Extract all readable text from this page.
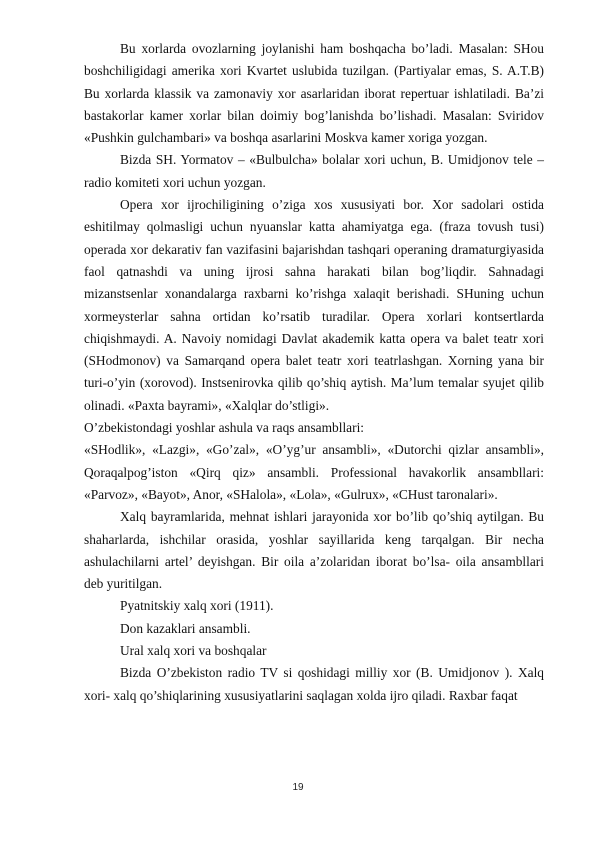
Bu xorlarda ovozlarning joylanishi ham boshqacha bo’ladi. Masalan: SHou boshchiligidagi amerika xori Kvartet uslubida tuzilgan. (Partiyalar emas, S. A.T.B) Bu xorlarda klassik va zamonaviy xor asarlaridan iborat repertuar ishlatiladi. Ba’zi bastakorlar kamer xorlar bilan doimiy bog’lanishda bo’lishadi. Masalan: Sviridov «Pushkin gulchambari» va boshqa asarlarini Moskva kamer xoriga yozgan.

Bizda SH. Yormatov – «Bulbulcha» bolalar xori uchun, B. Umidjonov tele – radio komiteti xori uchun yozgan.

Opera xor ijrochiligining o’ziga xos xususiyati bor. Xor sadolari ostida eshitilmay qolmasligi uchun nyuanslar katta ahamiyatga ega. (fraza tovush tusi) operada xor dekarativ fan vazifasini bajarishdan tashqari operaning dramaturgiyasida faol qatnashdi va uning ijrosi sahna harakati bilan bog’liqdir. Sahnadagi mizanstsenlar xonandalarga raxbarni ko’rishga xalaqit berishadi. SHuning uchun xormeysterlar sahna ortidan ko’rsatib turadilar. Opera xorlari kontsertlarda chiqishmaydi. A. Navoiy nomidagi Davlat akademik katta opera va balet teatr xori (SHodmonov) va Samarqand opera balet teatr xori teatrlashgan. Xorning yana bir turi-o’yin (xorovod). Instsenirovka qilib qo’shiq aytish. Ma’lum temalar syujet qilib olinadi. «Paxta bayrami», «Xalqlar do’stligi».

O’zbekistondagi yoshlar ashula va raqs ansambllari:

«SHodlik», «Lazgi», «Go’zal», «O’yg’ur ansambli», «Dutorchi qizlar ansambli», Qoraqalpog’iston «Qirq qiz» ansambli. Professional havakorlik ansambllari: «Parvoz», «Bayot», Anor, «SHalola», «Lola», «Gulrux», «CHust taronalari».

Xalq bayramlarida, mehnat ishlari jarayonida xor bo’lib qo’shiq aytilgan. Bu shaharlarda, ishchilar orasida, yoshlar sayillarida keng tarqalgan. Bir necha ashulachilarni artel’ deyishgan. Bir oila a’zolaridan iborat bo’lsa- oila ansambllari deb yuritilgan.

Pyatnitskiy xalq xori (1911).

Don kazaklari ansambli.

Ural xalq xori va boshqalar

Bizda O’zbekiston radio TV si qoshidagi milliy xor (B. Umidjonov ). Xalq xori- xalq qo’shiqlarining xususiyatlarini saqlagan xolda ijro qiladi. Raxbar faqat

19
